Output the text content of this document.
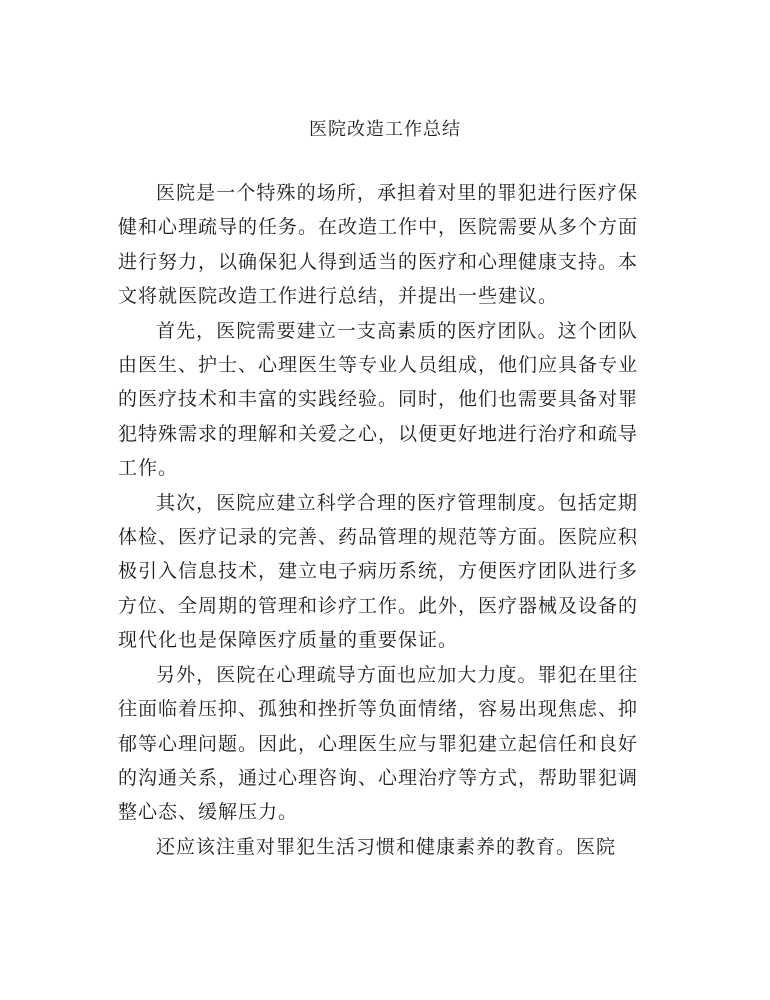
医院改造工作总结

医院是一个特殊的场所，承担着对里的罪犯进行医疗保健和心理疏导的任务。在改造工作中，医院需要从多个方面进行努力，以确保犯人得到适当的医疗和心理健康支持。本文将就医院改造工作进行总结，并提出一些建议。

首先，医院需要建立一支高素质的医疗团队。这个团队由医生、护士、心理医生等专业人员组成，他们应具备专业的医疗技术和丰富的实践经验。同时，他们也需要具备对罪犯特殊需求的理解和关爱之心，以便更好地进行治疗和疏导工作。

其次，医院应建立科学合理的医疗管理制度。包括定期体检、医疗记录的完善、药品管理的规范等方面。医院应积极引入信息技术，建立电子病历系统，方便医疗团队进行多方位、全周期的管理和诊疗工作。此外，医疗器械及设备的现代化也是保障医疗质量的重要保证。

另外，医院在心理疏导方面也应加大力度。罪犯在里往往面临着压抑、孤独和挫折等负面情绪，容易出现焦虑、抑郁等心理问题。因此，心理医生应与罪犯建立起信任和良好的沟通关系，通过心理咨询、心理治疗等方式，帮助罪犯调整心态、缓解压力。

还应该注重对罪犯生活习惯和健康素养的教育。医院
